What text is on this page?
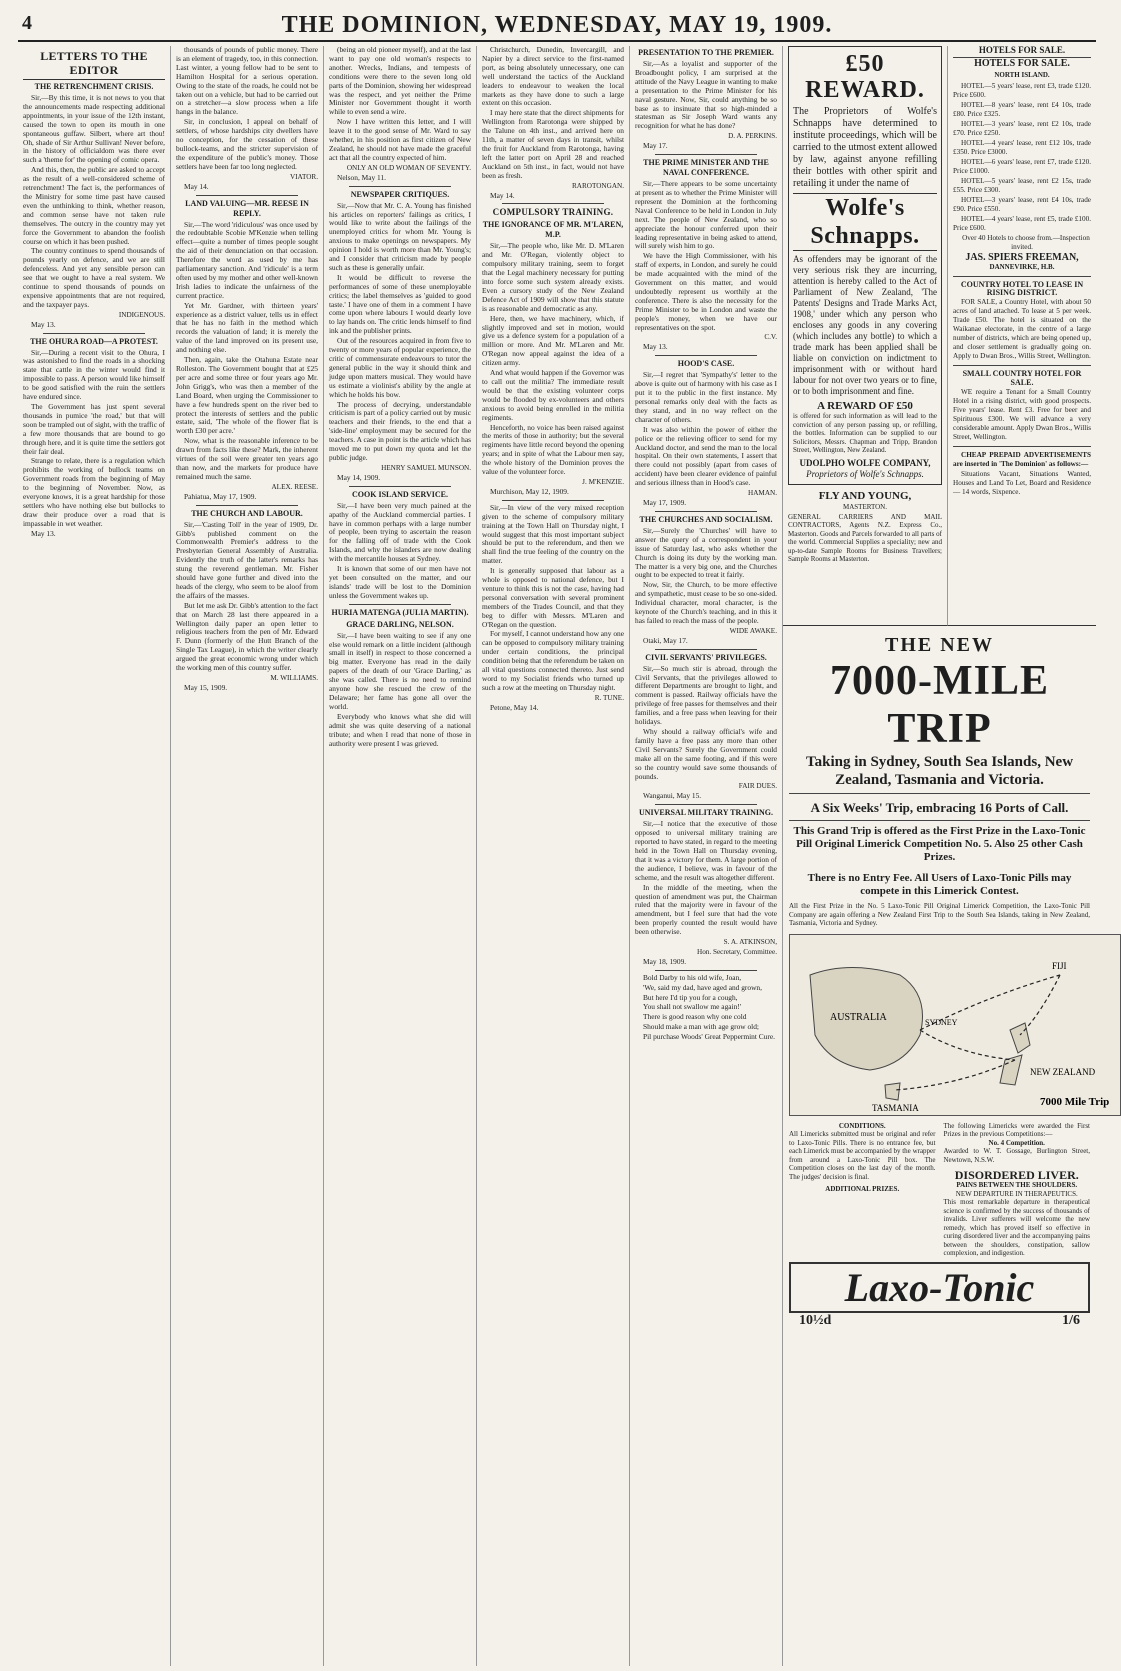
4	THE DOMINION, WEDNESDAY, MAY 19, 1909.
LETTERS TO THE EDITOR
THE RETRENCHMENT CRISIS.

Sir,—By this time, it is not news to you that the announcements made respecting additional appointments, in your issue of the 12th instant, caused the town to open its mouth in one spontaneous guffaw. Silbert, where art thou! Oh, shade of Sir Arthur Sullivan! Never before, in the history of officialdom was there ever such a 'theme for' the opening of comic opera.

And this, then, the public are asked to accept as the result of a well-considered scheme of retrenchment! The fact is, the performances of the Ministry for some time past have caused even the unthinking to think, whether reason, and common sense have not taken rule themselves. The outcry in the country may yet force the Government to abandon the foolish course on which it has been pushed.

The country continues to spend thousands of pounds yearly on defence, and we are still defenceless. And yet any sensible person can see that we ought to have a real system. We continue to spend thousands of pounds on expensive appointments that are not required, and the taxpayer pays.

INDIGENOUS.

May 13.

THE OHURA ROAD—A PROTEST.

Sir,—During a recent visit to the Ohura, I was astonished to find the roads in a shocking state that cattle in the winter would find it impossible to pass. A person would like himself to be good satisfied with the ruin the settlers have endured since.

The Government has just spent several thousands in pumice 'the road,' but that will soon be trampled out of sight, with the traffic of a few more thousands that are bound to go through here, and it is quite time the settlers got their fair deal.

Strange to relate, there is a regulation which prohibits the working of bullock teams on Government roads from the beginning of May to the beginning of November. Now, as everyone knows, it is a great hardship for those settlers who have nothing else but bullocks to draw their produce over a road that is impassable in wet weather.

May 13.

thousands of pounds of public money. There is an element of tragedy, too, in this connection. Last winter, a young fellow had to be sent to Hamilton Hospital for a serious operation. Owing to the state of the roads, he could not be taken out on a vehicle, but had to be carried out on a stretcher—a slow process when a life hangs in the balance.

Sir, in conclusion, I appeal on behalf of settlers, of whose hardships city dwellers have no conception, for the cessation of these bullock-teams, and the stricter supervision of the expenditure of the public's money. Those settlers have been far too long neglected.

VIATOR.

May 14.

LAND VALUING—MR. REESE IN REPLY.

Sir,—The word 'ridiculous' was once used by the redoubtable Scobie M'Kenzie when telling effect—quite a number of times people sought the aid of their denunciation on that occasion. Therefore the word as used by me has parliamentary sanction. And 'ridicule' is a term often used by my mother and other well-known Irish ladies to indicate the unfairness of the current practice.

Yet Mr. Gardner, with thirteen years' experience as a district valuer, tells us in effect that he has no faith in the method which records the valuation of land; it is merely the value of the land improved on its present use, and nothing else.

Then, again, take the Otahuna Estate near Rolleston. The Government bought that at £25 per acre and some three or four years ago Mr. John Grigg's, who was then a member of the Land Board, when urging the Commissioner to have a few hundreds spent on the river bed to protect the interests of settlers and the public estate, said, 'The whole of the flower flat is worth £30 per acre.'

Now, what is the reasonable inference to be drawn from facts like these? Mark, the inherent virtues of the soil were greater ten years ago than now, and the markets for produce have remained much the same.

ALEX. REESE.

Pahiatua, May 17, 1909.

THE CHURCH AND LABOUR.

Sir,—'Casting Toll' in the year of 1909, Dr. Gibb's published comment on the Commonwealth Premier's address to the Presbyterian General Assembly of Australia. Evidently the truth of the latter's remarks has stung the reverend gentleman. Mr. Fisher should have gone further and dived into the heads of the clergy, who seem to be aloof from the affairs of the masses.

But let me ask Dr. Gibb's attention to the fact that on March 28 last there appeared in a Wellington daily paper an open letter to religious teachers from the pen of Mr. Edward F. Dunn (formerly of the Hutt Branch of the Single Tax League), in which the writer clearly argued the great economic wrong under which the working men of this country suffer.

M. WILLIAMS.

May 15, 1909.

(being an old pioneer myself), and at the last want to pay one old woman's respects to another. Wrecks, Indians, and tempests of conditions were there to the seven long old parts of the Dominion, showing her widespread was the respect, and yet neither the Prime Minister nor Government thought it worth while to even send a wire.

Now I have written this letter, and I will leave it to the good sense of Mr. Ward to say whether, in his position as first citizen of New Zealand, he should not have made the graceful act that all the country expected of him.

ONLY AN OLD WOMAN OF SEVENTY.

Nelson, May 11.

NEWSPAPER CRITIQUES.

Sir,—Now that Mr. C. A. Young has finished his articles on reporters' failings as critics, I would like to write about the failings of the unemployed critics for whom Mr. Young is anxious to make openings on newspapers. My opinion I hold is worth more than Mr. Young's; and I consider that criticism made by people such as these is generally unfair.

It would be difficult to reverse the performances of some of these unemployable critics; the label themselves as 'guided to good taste.' I have one of them in a comment I have come upon where labours I would dearly love to lay hands on. The critic lends himself to find ink and the publisher prints.

Out of the resources acquired in from five to twenty or more years of popular experience, the critic of commensurate endeavours to tutor the general public in the way it should think and judge upon matters musical. They would have us estimate a violinist's ability by the angle at which he holds his bow.

The process of decrying, understandable criticism is part of a policy carried out by music teachers and their friends, to the end that a 'side-line' employment may be secured for the teachers. A case in point is the article which has moved me to put down my quota and let the public judge.

HENRY SAMUEL MUNSON.

May 14, 1909.

COOK ISLAND SERVICE.

Sir,—I have been very much pained at the apathy of the Auckland commercial parties. I have in common perhaps with a large number of people, been trying to ascertain the reason for the falling off of trade with the Cook Islands, and why the islanders are now dealing with the mercantile houses at Sydney.

It is known that some of our men have not yet been consulted on the matter, and our islands' trade will be lost to the Dominion unless the Government wakes up.

HURIA MATENGA (JULIA MARTIN).
GRACE DARLING, NELSON.

Sir,—I have been waiting to see if any one else would remark on a little incident (although small in itself) in respect to those concerned a big matter. Everyone has read in the daily papers of the death of our 'Grace Darling,' as she was called. There is no need to remind anyone how she rescued the crew of the Delaware; her fame has gone all over the world.

Everybody who knows what she did will admit she was quite deserving of a national tribute; and when I read that none of those in authority were present I was grieved.

Christchurch, Dunedin, Invercargill, and Napier by a direct service to the first-named port, as being absolutely unnecessary, one can well understand the tactics of the Auckland leaders to endeavour to weaken the local markets as they have done to such a large extent on this occasion.

I may here state that the direct shipments for Wellington from Rarotonga were shipped by the Talune on 4th inst., and arrived here on 11th, a matter of seven days in transit, whilst the fruit for Auckland from Rarotonga, having left the latter port on April 28 and reached Auckland on 5th inst., in fact, would not have been as fresh.

RAROTONGAN.

May 14.

COMPULSORY TRAINING.
THE IGNORANCE OF MR. M'LAREN, M.P.

Sir,—The people who, like Mr. D. M'Laren and Mr. O'Regan, violently object to compulsory military training, seem to forget that the Legal machinery necessary for putting into force some such system already exists. Even a cursory study of the New Zealand Defence Act of 1909 will show that this statute is as reasonable and democratic as any.

Here, then, we have machinery, which, if slightly improved and set in motion, would give us a defence system for a population of a million or more. And Mr. M'Laren and Mr. O'Regan now appeal against the idea of a citizen army.

And what would happen if the Governor was to call out the militia? The immediate result would be that the existing volunteer corps would be flooded by ex-volunteers and others anxious to avoid being enrolled in the militia regiments.

Henceforth, no voice has been raised against the merits of those in authority; but the several regiments have little record beyond the opening years; and in spite of what the Labour men say, the whole history of the Dominion proves the value of the volunteer force.

J. M'KENZIE.

Murchison, May 12, 1909.

Sir,—In view of the very mixed reception given to the scheme of compulsory military training at the Town Hall on Thursday night, I would suggest that this most important subject should be put to the referendum, and then we shall find the true feeling of the country on the matter.

It is generally supposed that labour as a whole is opposed to national defence, but I venture to think this is not the case, having had personal conversation with several prominent members of the Trades Council, and that they beg to differ with Messrs. M'Laren and O'Regan on the question.

For myself, I cannot understand how any one can be opposed to compulsory military training under certain conditions, the principal condition being that the referendum be taken on all vital questions connected thereto. Just send word to my Socialist friends who turned up such a row at the meeting on Thursday night.

R. TUNE.

Petone, May 14.

PRESENTATION TO THE PREMIER.

Sir,—As a loyalist and supporter of the Broadbought policy, I am surprised at the attitude of the Navy League in wanting to make a presentation to the Prime Minister for his naval gesture. Now, Sir, could anything be so base as to insinuate that so high-minded a statesman as Sir Joseph Ward wants any recognition for what he has done?

D. A. PERKINS.

May 17.

THE PRIME MINISTER AND THE NAVAL CONFERENCE.

Sir,—There appears to be some uncertainty at present as to whether the Prime Minister will represent the Dominion at the forthcoming Naval Conference to be held in London in July next. The people of New Zealand, who so appreciate the honour conferred upon their leading representative in being asked to attend, will surely wish him to go.

We have the High Commissioner, with his staff of experts, in London, and surely he could be made acquainted with the mind of the Government on this matter, and would undoubtedly represent us worthily at the conference. There is also the necessity for the Prime Minister to be in London and waste the people's money, when we have our representatives on the spot.

C.V.

May 13.

HOOD'S CASE.

Sir,—I regret that 'Sympathy's' letter to the above is quite out of harmony with his case as I put it to the public in the first instance. My personal remarks only deal with the facts as they stand, and in no way reflect on the character of others.

It was also within the power of either the police or the relieving officer to send for my Auckland doctor, and send the man to the local hospital. On their own statements, I assert that there could not possibly (apart from cases of accident) have been clearer evidence of painful and serious illness than in Hood's case.

HAMAN.

May 17, 1909.

THE CHURCHES AND SOCIALISM.

Sir,—Surely the 'Churches' will have to answer the query of a correspondent in your issue of Saturday last, who asks whether the Church is doing its duty by the working man. The matter is a very big one, and the Churches ought to be expected to treat it fairly.

Now, Sir, the Church, to be more effective and sympathetic, must cease to be so one-sided. Individual character, moral character, is the keynote of the Church's teaching, and in this it has failed to reach the mass of the people.

WIDE AWAKE.

Otaki, May 17.

CIVIL SERVANTS' PRIVILEGES.

Sir,—So much stir is abroad, through the Civil Servants, that the privileges allowed to different Departments are brought to light, and comment is passed. Railway officials have the privilege of free passes for themselves and their families, and a free pass when leaving for their holidays.

Why should a railway official's wife and family have a free pass any more than other Civil Servants? Surely the Government could make all on the same footing, and if this were so the country would save some thousands of pounds.

FAIR DUES.

Wanganui, May 15.

UNIVERSAL MILITARY TRAINING.

Sir,—I notice that the executive of those opposed to universal military training are reported to have stated, in regard to the meeting held in the Town Hall on Thursday evening, that it was a victory for them. A large portion of the audience, I believe, was in favour of the scheme, and the result was altogether different.

In the middle of the meeting, when the question of amendment was put, the Chairman ruled that the majority were in favour of the amendment, but I feel sure that had the vote been properly counted the result would have been otherwise.

S. A. ATKINSON,

Hon. Secretary, Committee.

May 18, 1909.

Bold Darby to his old wife, Joan,

'We, said my dad, have aged and grown,

But here I'd tip you for a cough,

You shall not swallow me again!'

There is good reason why one cold

Should make a man with age grow old;

Pil purchase Woods' Great Peppermint Cure.

£50 REWARD.
The Proprietors of Wolfe's Schnapps have determined to institute proceedings, which will be carried to the utmost extent allowed by law, against anyone refilling their bottles with other spirit and retailing it under the name of
Wolfe's Schnapps.
As offenders may be ignorant of the very serious risk they are incurring, attention is hereby called to the Act of Parliament of New Zealand, 'The Patents' Designs and Trade Marks Act, 1908,' under which any person who encloses any goods in any covering (which includes any bottle) to which a trade mark has been applied shall be liable on conviction on indictment to imprisonment with or without hard labour for not over two years or to fine, or to both imprisonment and fine.
A REWARD OF £50
is offered for such information as will lead to the conviction of any person passing up, or refilling, the bottles. Information can be supplied to our Solicitors, Messrs. Chapman and Tripp, Brandon Street, Wellington, New Zealand.
UDOLPHO WOLFE COMPANY,
Proprietors of Wolfe's Schnapps.
FLY AND YOUNG,
MASTERTON.
GENERAL CARRIERS AND MAIL CONTRACTORS, Agents N.Z. Express Co., Masterton. Goods and Parcels forwarded to all parts of the world. Commercial Supplies a speciality; new and up-to-date Sample Rooms for Business Travellers; Sample Rooms at Masterton.
HOTELS FOR SALE.
HOTELS FOR SALE.
NORTH ISLAND.

HOTEL—5 years' lease, rent £3, trade £120. Price £600.

HOTEL—8 years' lease, rent £4 10s, trade £80. Price £325.

HOTEL—3 years' lease, rent £2 10s, trade £70. Price £250.

HOTEL—4 years' lease, rent £12 10s, trade £350. Price £3000.

HOTEL—6 years' lease, rent £7, trade £120. Price £1000.

HOTEL—5 years' lease, rent £2 15s, trade £55. Price £300.

HOTEL—3 years' lease, rent £4 10s, trade £90. Price £550.

HOTEL—4 years' lease, rent £5, trade £100. Price £600.

Over 40 Hotels to choose from.—Inspection invited.

JAS. SPIERS FREEMAN,
DANNEVIRKE, H.B.
COUNTRY HOTEL TO LEASE IN RISING DISTRICT.

FOR SALE, a Country Hotel, with about 50 acres of land attached. To lease at 5 per week. Trade £50. The hotel is situated on the Waikanae electorate, in the centre of a large number of districts, which are being opened up, and closer settlement is gradually going on. Apply to Dwan Bros., Willis Street, Wellington.

SMALL COUNTRY HOTEL FOR SALE.

WE require a Tenant for a Small Country Hotel in a rising district, with good prospects. Five years' lease. Rent £3. Free for beer and Spirituous £300. We will advance a very considerable amount. Apply Dwan Bros., Willis Street, Wellington.

CHEAP PREPAID ADVERTISEMENTS are inserted in 'The Dominion' as follows:—

Situations Vacant, Situations Wanted, Houses and Land To Let, Board and Residence — 14 words, Sixpence.

THE NEW
7000-MILE TRIP
Taking in Sydney, South Sea Islands, New Zealand, Tasmania and Victoria.
A Six Weeks' Trip, embracing 16 Ports of Call.
This Grand Trip is offered as the First Prize in the Laxo-Tonic Pill Original Limerick Competition No. 5. Also 25 other Cash Prizes.
There is no Entry Fee. All Users of Laxo-Tonic Pills may compete in this Limerick Contest.
All the First Prize in the No. 5 Laxo-Tonic Pill Original Limerick Competition, the Laxo-Tonic Pill Company are again offering a New Zealand First Trip to the South Sea Islands, taking in New Zealand, Tasmania, Victoria and Sydney.
AUSTRALIA
TASMANIA
NEW ZEALAND
SYDNEY
FIJI
7000 Mile Trip
CONDITIONS.
All Limericks submitted must be original and refer to Laxo-Tonic Pills. There is no entrance fee, but each Limerick must be accompanied by the wrapper from around a Laxo-Tonic Pill box. The Competition closes on the last day of the month. The judges' decision is final.
ADDITIONAL PRIZES.
The following Limericks were awarded the First Prizes in the previous Competitions:—
No. 4 Competition.
Awarded to W. T. Gossage, Burlington Street, Newtown, N.S.W.
DISORDERED LIVER.
PAINS BETWEEN THE SHOULDERS.
NEW DEPARTURE IN THERAPEUTICS.
This most remarkable departure in therapeutical science is confirmed by the success of thousands of invalids. Liver sufferers will welcome the new remedy, which has proved itself so effective in curing disordered liver and the accompanying pains between the shoulders, constipation, sallow complexion, and indigestion.
Laxo-Tonic
10½d	1/6
